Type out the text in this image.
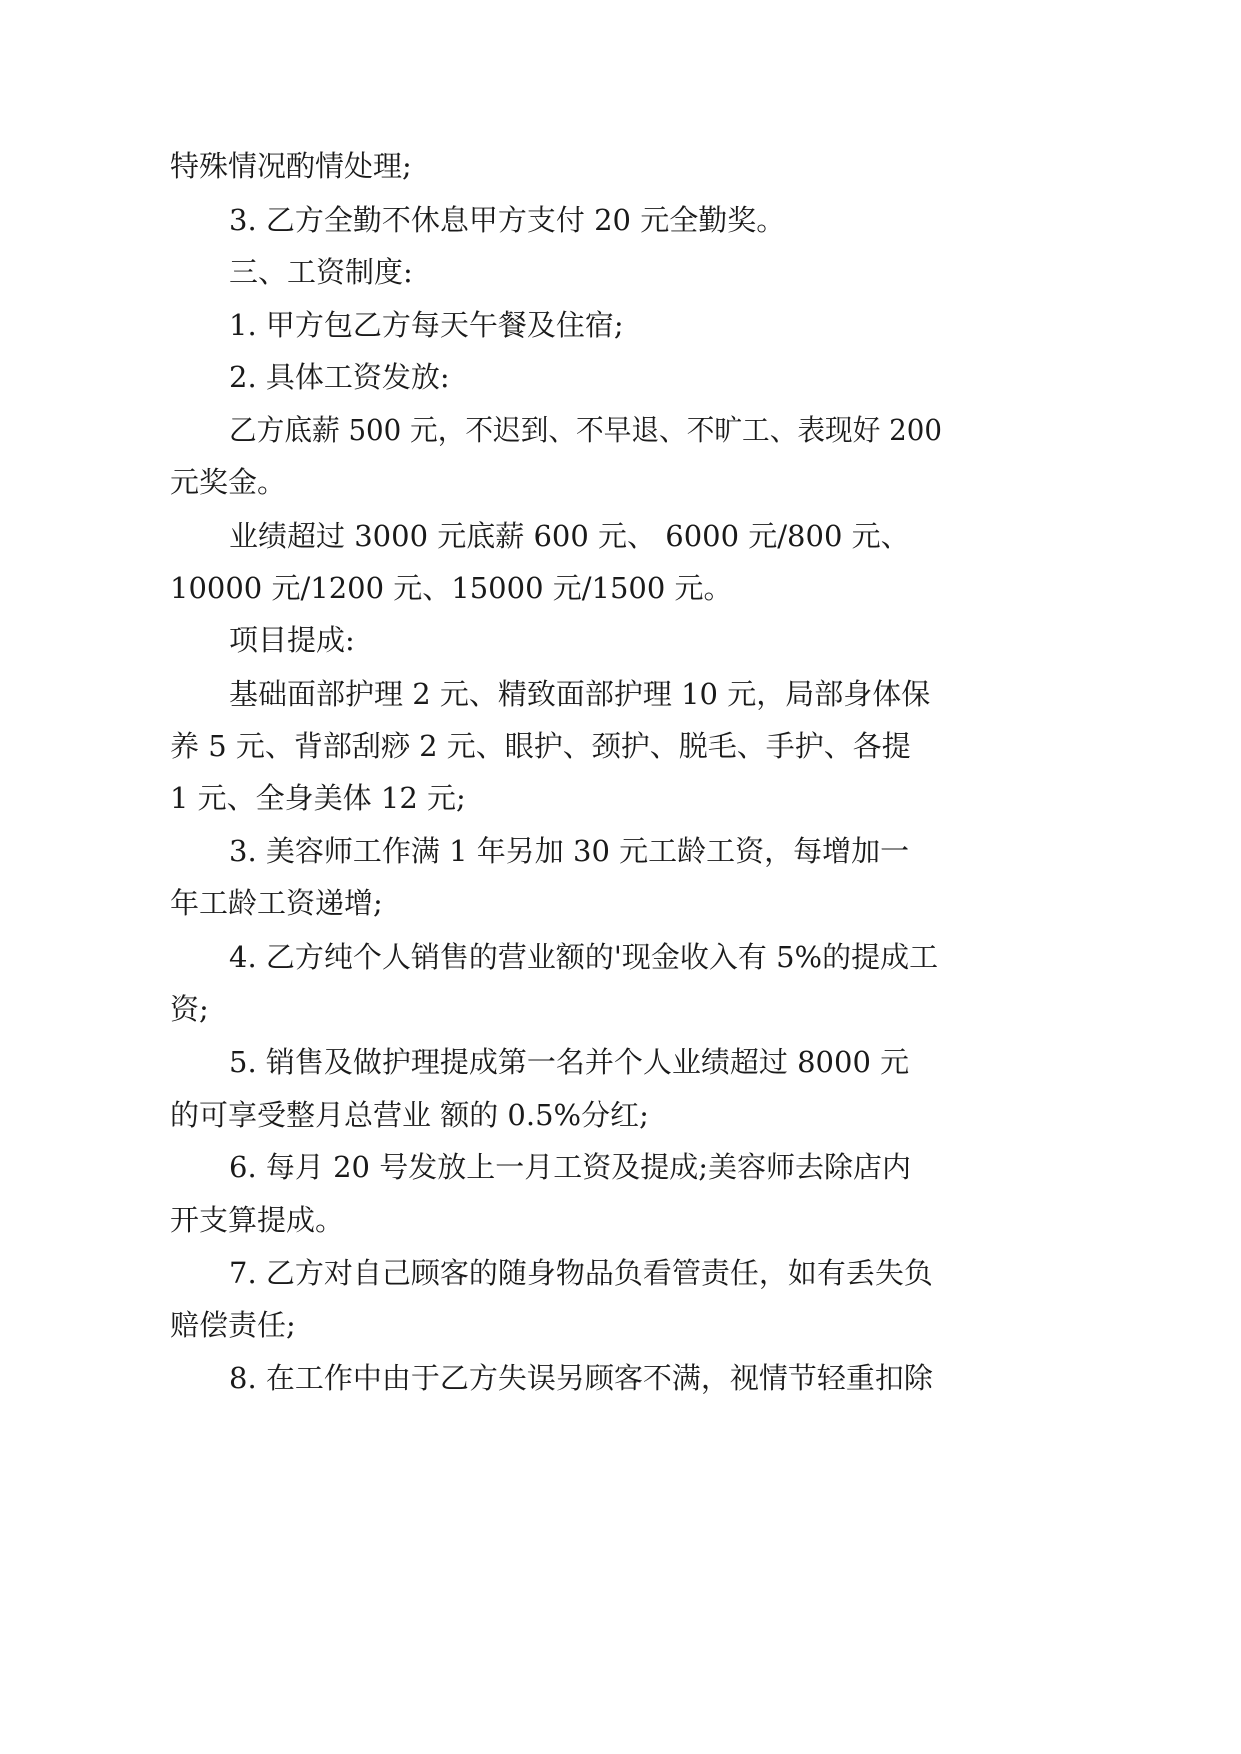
特殊情况酌情处理;
3. 乙方全勤不休息甲方支付 20 元全勤奖。
三、工资制度:
1. 甲方包乙方每天午餐及住宿;
2. 具体工资发放:
乙方底薪 500 元，不迟到、不早退、不旷工、表现好 200
元奖金。
业绩超过 3000 元底薪 600 元、 6000 元/800 元、
10000 元/1200 元、15000 元/1500 元。
项目提成:
基础面部护理 2 元、精致面部护理 10 元，局部身体保
养 5 元、背部刮痧 2 元、眼护、颈护、脱毛、手护、各提
1 元、全身美体 12 元;
3. 美容师工作满 1 年另加 30 元工龄工资，每增加一
年工龄工资递增;
4. 乙方纯个人销售的营业额的'现金收入有 5%的提成工
资;
5. 销售及做护理提成第一名并个人业绩超过 8000 元
的可享受整月总营业 额的 0.5%分红;
6. 每月 20 号发放上一月工资及提成;美容师去除店内
开支算提成。
7. 乙方对自己顾客的随身物品负看管责任，如有丢失负
赔偿责任;
8. 在工作中由于乙方失误另顾客不满，视情节轻重扣除
